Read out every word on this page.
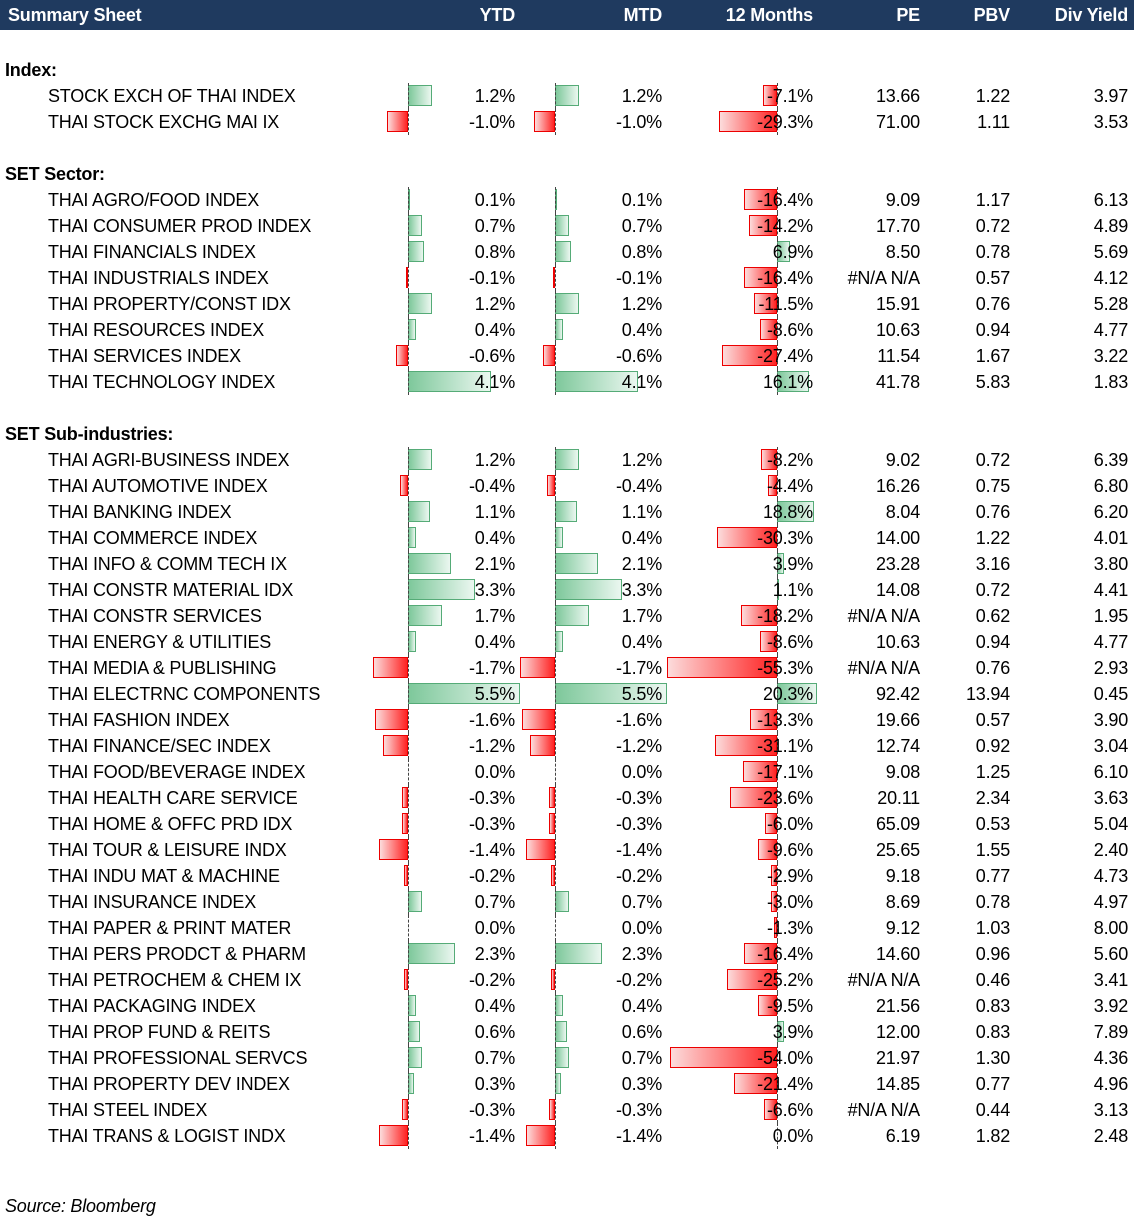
Summary Sheet	YTD	MTD	12 Months	PE	PBV	Div Yield
Index:
STOCK EXCH OF THAI INDEX	1.2%	1.2%	-7.1%	13.66	1.22	3.97
THAI STOCK EXCHG MAI IX	-1.0%	-1.0%	-29.3%	71.00	1.11	3.53
SET Sector:
THAI AGRO/FOOD INDEX	0.1%	0.1%	-16.4%	9.09	1.17	6.13
THAI CONSUMER PROD INDEX	0.7%	0.7%	-14.2%	17.70	0.72	4.89
THAI FINANCIALS INDEX	0.8%	0.8%	6.9%	8.50	0.78	5.69
THAI INDUSTRIALS INDEX	-0.1%	-0.1%	-16.4%	#N/A N/A	0.57	4.12
THAI PROPERTY/CONST IDX	1.2%	1.2%	-11.5%	15.91	0.76	5.28
THAI RESOURCES INDEX	0.4%	0.4%	-8.6%	10.63	0.94	4.77
THAI SERVICES INDEX	-0.6%	-0.6%	-27.4%	11.54	1.67	3.22
THAI TECHNOLOGY INDEX	4.1%	4.1%	16.1%	41.78	5.83	1.83
SET Sub-industries:
THAI AGRI-BUSINESS INDEX	1.2%	1.2%	-8.2%	9.02	0.72	6.39
THAI AUTOMOTIVE INDEX	-0.4%	-0.4%	-4.4%	16.26	0.75	6.80
THAI BANKING INDEX	1.1%	1.1%	18.8%	8.04	0.76	6.20
THAI COMMERCE INDEX	0.4%	0.4%	-30.3%	14.00	1.22	4.01
THAI INFO & COMM TECH IX	2.1%	2.1%	3.9%	23.28	3.16	3.80
THAI CONSTR MATERIAL IDX	3.3%	3.3%	1.1%	14.08	0.72	4.41
THAI CONSTR SERVICES	1.7%	1.7%	-18.2%	#N/A N/A	0.62	1.95
THAI ENERGY & UTILITIES	0.4%	0.4%	-8.6%	10.63	0.94	4.77
THAI MEDIA & PUBLISHING	-1.7%	-1.7%	-55.3%	#N/A N/A	0.76	2.93
THAI ELECTRNC COMPONENTS	5.5%	5.5%	20.3%	92.42	13.94	0.45
THAI FASHION INDEX	-1.6%	-1.6%	-13.3%	19.66	0.57	3.90
THAI FINANCE/SEC INDEX	-1.2%	-1.2%	-31.1%	12.74	0.92	3.04
THAI FOOD/BEVERAGE INDEX	0.0%	0.0%	-17.1%	9.08	1.25	6.10
THAI HEALTH CARE SERVICE	-0.3%	-0.3%	-23.6%	20.11	2.34	3.63
THAI HOME & OFFC PRD IDX	-0.3%	-0.3%	-6.0%	65.09	0.53	5.04
THAI TOUR & LEISURE INDX	-1.4%	-1.4%	-9.6%	25.65	1.55	2.40
THAI INDU MAT & MACHINE	-0.2%	-0.2%	-2.9%	9.18	0.77	4.73
THAI INSURANCE INDEX	0.7%	0.7%	-3.0%	8.69	0.78	4.97
THAI PAPER & PRINT MATER	0.0%	0.0%	-1.3%	9.12	1.03	8.00
THAI PERS PRODCT & PHARM	2.3%	2.3%	-16.4%	14.60	0.96	5.60
THAI PETROCHEM & CHEM IX	-0.2%	-0.2%	-25.2%	#N/A N/A	0.46	3.41
THAI PACKAGING INDEX	0.4%	0.4%	-9.5%	21.56	0.83	3.92
THAI PROP FUND & REITS	0.6%	0.6%	3.9%	12.00	0.83	7.89
THAI PROFESSIONAL SERVCS	0.7%	0.7%	-54.0%	21.97	1.30	4.36
THAI PROPERTY DEV INDEX	0.3%	0.3%	-21.4%	14.85	0.77	4.96
THAI STEEL INDEX	-0.3%	-0.3%	-6.6%	#N/A N/A	0.44	3.13
THAI TRANS & LOGIST INDX	-1.4%	-1.4%	0.0%	6.19	1.82	2.48
Source: Bloomberg
